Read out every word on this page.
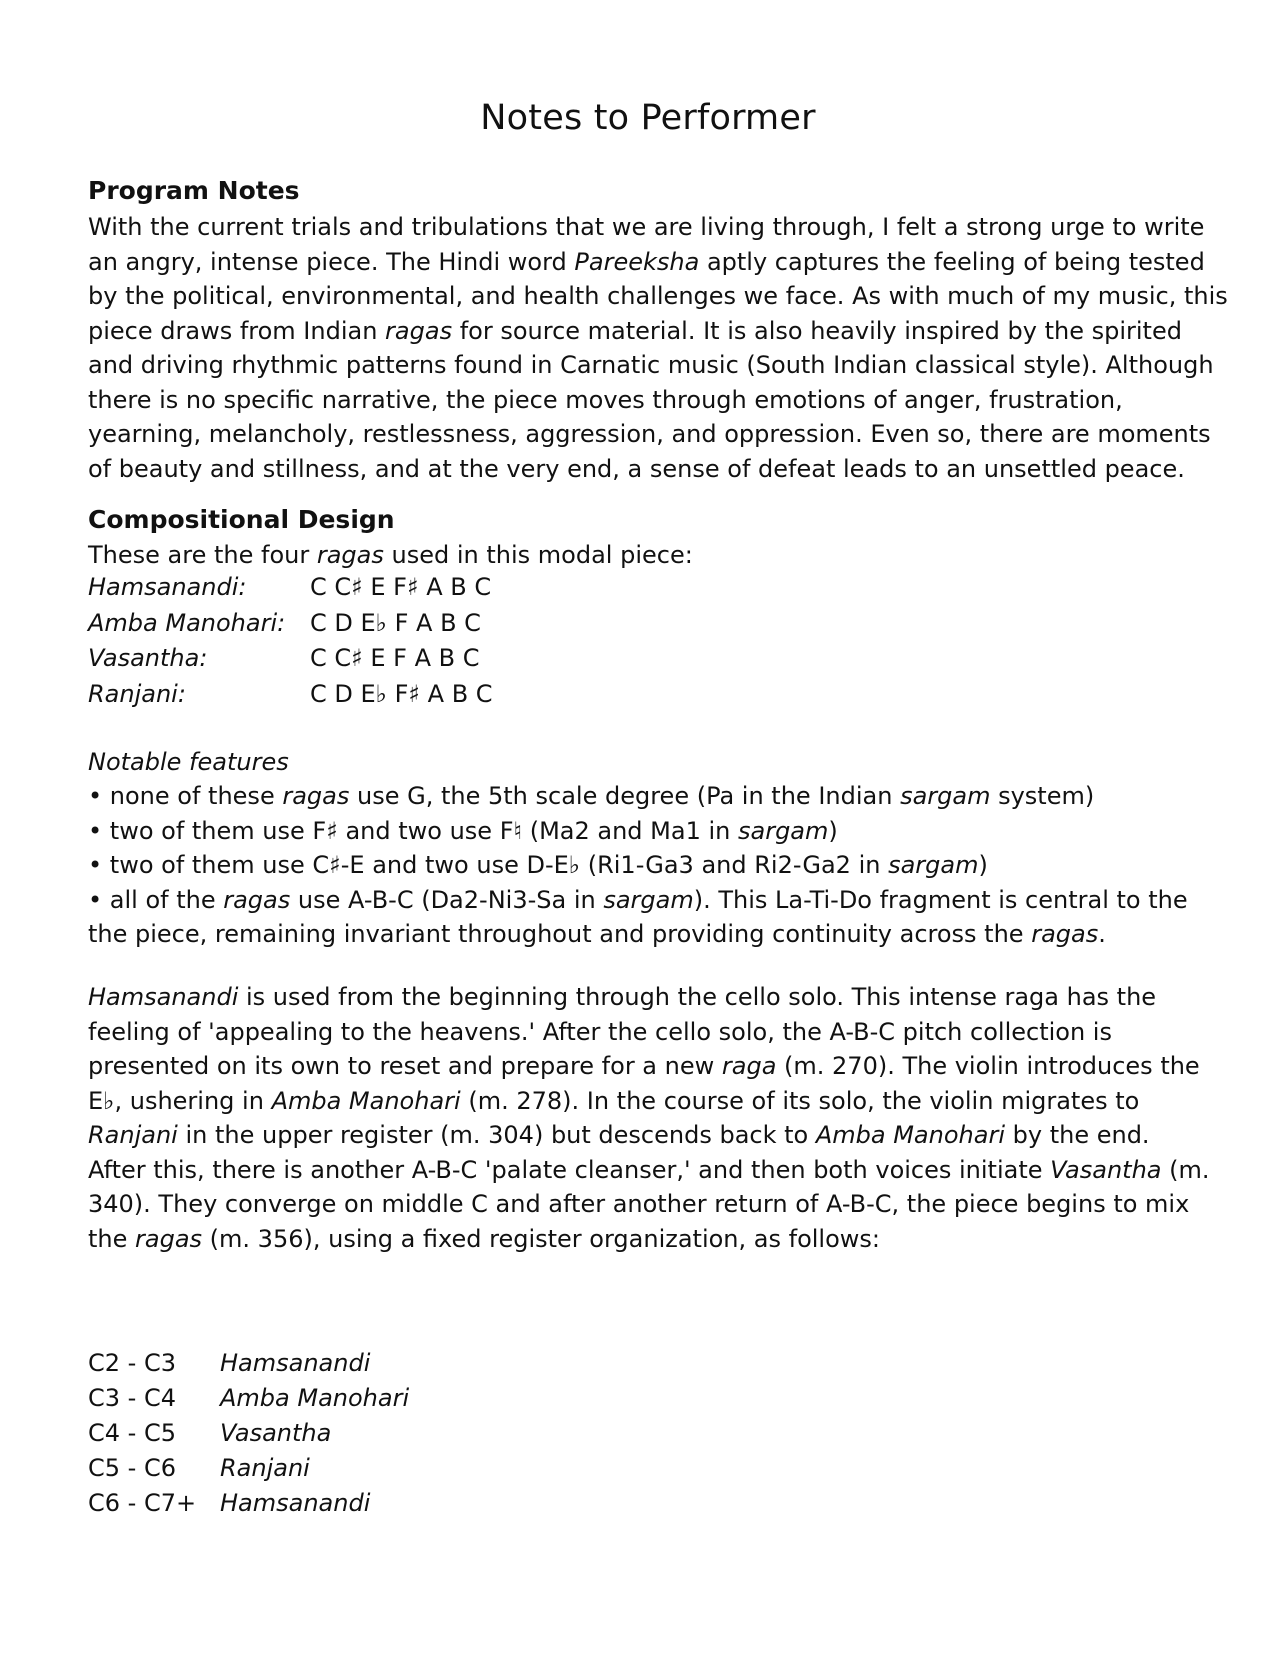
Notes to Performer
Program Notes
With the current trials and tribulations that we are living through, I felt a strong urge to write
an angry, intense piece. The Hindi word Pareeksha aptly captures the feeling of being tested
by the political, environmental, and health challenges we face. As with much of my music, this
piece draws from Indian ragas for source material. It is also heavily inspired by the spirited
and driving rhythmic patterns found in Carnatic music (South Indian classical style). Although
there is no specific narrative, the piece moves through emotions of anger, frustration,
yearning, melancholy, restlessness, aggression, and oppression. Even so, there are moments
of beauty and stillness, and at the very end, a sense of defeat leads to an unsettled peace.
Compositional Design
These are the four ragas used in this modal piece:
Hamsanandi:	C C♯ E F♯ A B C
Amba Manohari: C D E♭ F A B C
Vasantha:	C C♯ E F A B C
Ranjani:	C D E♭ F♯ A B C
Notable features
• none of these ragas use G, the 5th scale degree (Pa in the Indian sargam system)
• two of them use F♯ and two use F♮ (Ma2 and Ma1 in sargam)
• two of them use C♯-E and two use D-E♭ (Ri1-Ga3 and Ri2-Ga2 in sargam)
• all of the ragas use A-B-C (Da2-Ni3-Sa in sargam). This La-Ti-Do fragment is central to the
the piece, remaining invariant throughout and providing continuity across the ragas.
Hamsanandi is used from the beginning through the cello solo. This intense raga has the
feeling of 'appealing to the heavens.' After the cello solo, the A-B-C pitch collection is
presented on its own to reset and prepare for a new raga (m. 270). The violin introduces the
E♭, ushering in Amba Manohari (m. 278). In the course of its solo, the violin migrates to
Ranjani in the upper register (m. 304) but descends back to Amba Manohari by the end.
After this, there is another A-B-C 'palate cleanser,' and then both voices initiate Vasantha (m.
340). They converge on middle C and after another return of A-B-C, the piece begins to mix
the ragas (m. 356), using a fixed register organization, as follows:
C2 - C3 Hamsanandi
C3 - C4 Amba Manohari
C4 - C5 Vasantha
C5 - C6 Ranjani
C6 - C7+ Hamsanandi
